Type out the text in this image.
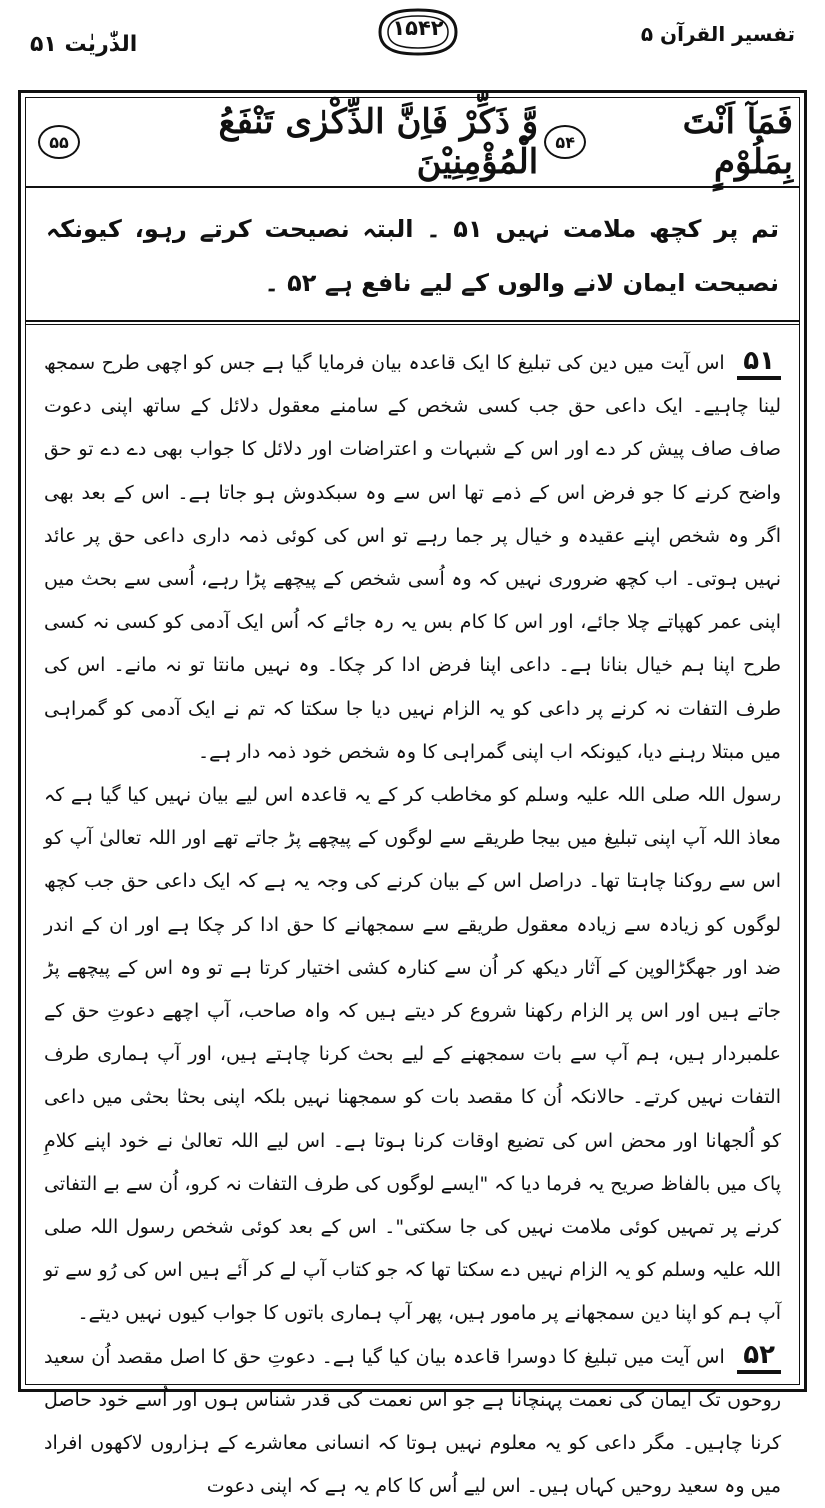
الذّٰریٰت ۵۱
۱۵۴۲	تفسیر القرآن ۵
فَمَآ اَنْتَ بِمَلُوْمٍ
۵۴
وَّ ذَكِّرْ فَاِنَّ الذِّكْرٰى تَنْفَعُ الْمُؤْمِنِيْنَ
۵۵
تم پر کچھ ملامت نہیں ۵۱ ۔ البتہ نصیحت کرتے رہو، کیونکہ نصیحت ایمان لانے والوں کے لیے نافع ہے ۵۲ ۔

۵۱ اس آیت میں دین کی تبلیغ کا ایک قاعدہ بیان فرمایا گیا ہے جس کو اچھی طرح سمجھ لینا چاہیے۔ ایک داعی حق جب کسی شخص کے سامنے معقول دلائل کے ساتھ اپنی دعوت صاف صاف پیش کر دے اور اس کے شبہات و اعتراضات اور دلائل کا جواب بھی دے دے تو حق واضح کرنے کا جو فرض اس کے ذمے تھا اس سے وہ سبکدوش ہو جاتا ہے۔ اس کے بعد بھی اگر وہ شخص اپنے عقیدہ و خیال پر جما رہے تو اس کی کوئی ذمہ داری داعی حق پر عائد نہیں ہوتی۔ اب کچھ ضروری نہیں کہ وہ اُسی شخص کے پیچھے پڑا رہے، اُسی سے بحث میں اپنی عمر کھپاتے چلا جائے، اور اس کا کام بس یہ رہ جائے کہ اُس ایک آدمی کو کسی نہ کسی طرح اپنا ہم خیال بنانا ہے۔ داعی اپنا فرض ادا کر چکا۔ وہ نہیں مانتا تو نہ مانے۔ اس کی طرف التفات نہ کرنے پر داعی کو یہ الزام نہیں دیا جا سکتا کہ تم نے ایک آدمی کو گمراہی میں مبتلا رہنے دیا، کیونکہ اب اپنی گمراہی کا وہ شخص خود ذمہ دار ہے۔

رسول اللہ صلی اللہ علیہ وسلم کو مخاطب کر کے یہ قاعدہ اس لیے بیان نہیں کیا گیا ہے کہ معاذ اللہ آپ اپنی تبلیغ میں بیجا طریقے سے لوگوں کے پیچھے پڑ جاتے تھے اور اللہ تعالیٰ آپ کو اس سے روکنا چاہتا تھا۔ دراصل اس کے بیان کرنے کی وجہ یہ ہے کہ ایک داعی حق جب کچھ لوگوں کو زیادہ سے زیادہ معقول طریقے سے سمجھانے کا حق ادا کر چکا ہے اور ان کے اندر ضد اور جھگڑالوپن کے آثار دیکھ کر اُن سے کنارہ کشی اختیار کرتا ہے تو وہ اس کے پیچھے پڑ جاتے ہیں اور اس پر الزام رکھنا شروع کر دیتے ہیں کہ واہ صاحب، آپ اچھے دعوتِ حق کے علمبردار ہیں، ہم آپ سے بات سمجھنے کے لیے بحث کرنا چاہتے ہیں، اور آپ ہماری طرف التفات نہیں کرتے۔ حالانکہ اُن کا مقصد بات کو سمجھنا نہیں بلکہ اپنی بحثا بحثی میں داعی کو اُلجھانا اور محض اس کی تضیع اوقات کرنا ہوتا ہے۔ اس لیے اللہ تعالیٰ نے خود اپنے کلامِ پاک میں بالفاظ صریح یہ فرما دیا کہ "ایسے لوگوں کی طرف التفات نہ کرو، اُن سے بے التفاتی کرنے پر تمہیں کوئی ملامت نہیں کی جا سکتی"۔ اس کے بعد کوئی شخص رسول اللہ صلی اللہ علیہ وسلم کو یہ الزام نہیں دے سکتا تھا کہ جو کتاب آپ لے کر آئے ہیں اس کی رُو سے تو آپ ہم کو اپنا دین سمجھانے پر مامور ہیں، پھر آپ ہماری باتوں کا جواب کیوں نہیں دیتے۔

۵۲ اس آیت میں تبلیغ کا دوسرا قاعدہ بیان کیا گیا ہے۔ دعوتِ حق کا اصل مقصد اُن سعید روحوں تک ایمان کی نعمت پہنچانا ہے جو اس نعمت کی قدر شناس ہوں اور اُسے خود حاصل کرنا چاہیں۔ مگر داعی کو یہ معلوم نہیں ہوتا کہ انسانی معاشرے کے ہزاروں لاکھوں افراد میں وہ سعید روحیں کہاں ہیں۔ اس لیے اُس کا کام یہ ہے کہ اپنی دعوت
